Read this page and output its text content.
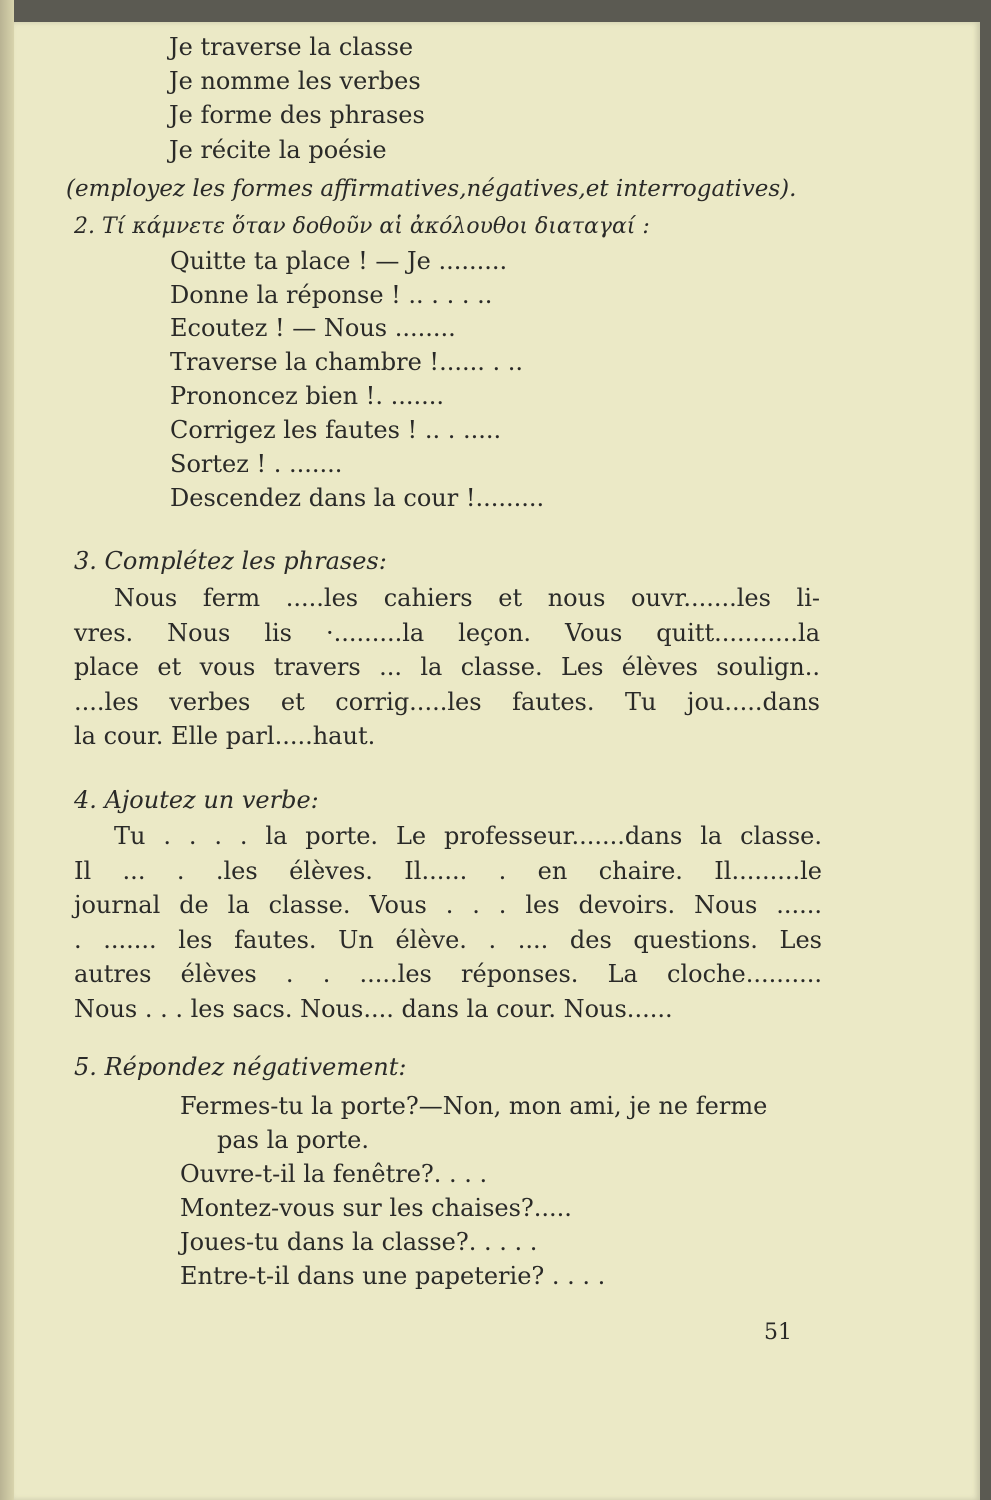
Je traverse la classe
Je nomme les verbes
Je forme des phrases
Je récite la poésie
(employez les formes affirmatives,négatives,et interrogatives).
2. Τί κάμνετε ὅταν δοθοῦν αἱ ἀκόλουθοι διαταγαί :
Quitte ta place ! — Je .........
Donne la réponse ! .. . . . ..
Ecoutez ! — Nous ........
Traverse la chambre !...... . ..
Prononcez bien !. .......
Corrigez les fautes ! .. . .....
Sortez ! . .......
Descendez dans la cour !.........
3. Complétez les phrases:
Nous ferm .....les cahiers et nous ouvr.......les li-
vres. Nous lis ·.........la leçon. Vous quitt...........la
place et vous travers ... la classe. Les élèves soulign..
....les verbes et corrig.....les fautes. Tu jou.....dans
la cour. Elle parl.....haut.
4. Ajoutez un verbe:
Tu . . . . la porte. Le professeur.......dans la classe.
Il ... . .les élèves. Il...... . en chaire. Il.........le
journal de la classe. Vous . . . les devoirs. Nous ......
. ....... les fautes. Un élève. . .... des questions. Les
autres élèves . . .....les réponses. La cloche..........
Nous . . . les sacs. Nous.... dans la cour. Nous......
5. Répondez négativement:
Fermes-tu la porte?—Non, mon ami, je ne ferme
pas la porte.
Ouvre-t-il la fenêtre?. . . .
Montez-vous sur les chaises?.....
Joues-tu dans la classe?. . . . .
Entre-t-il dans une papeterie? . . . .
51
